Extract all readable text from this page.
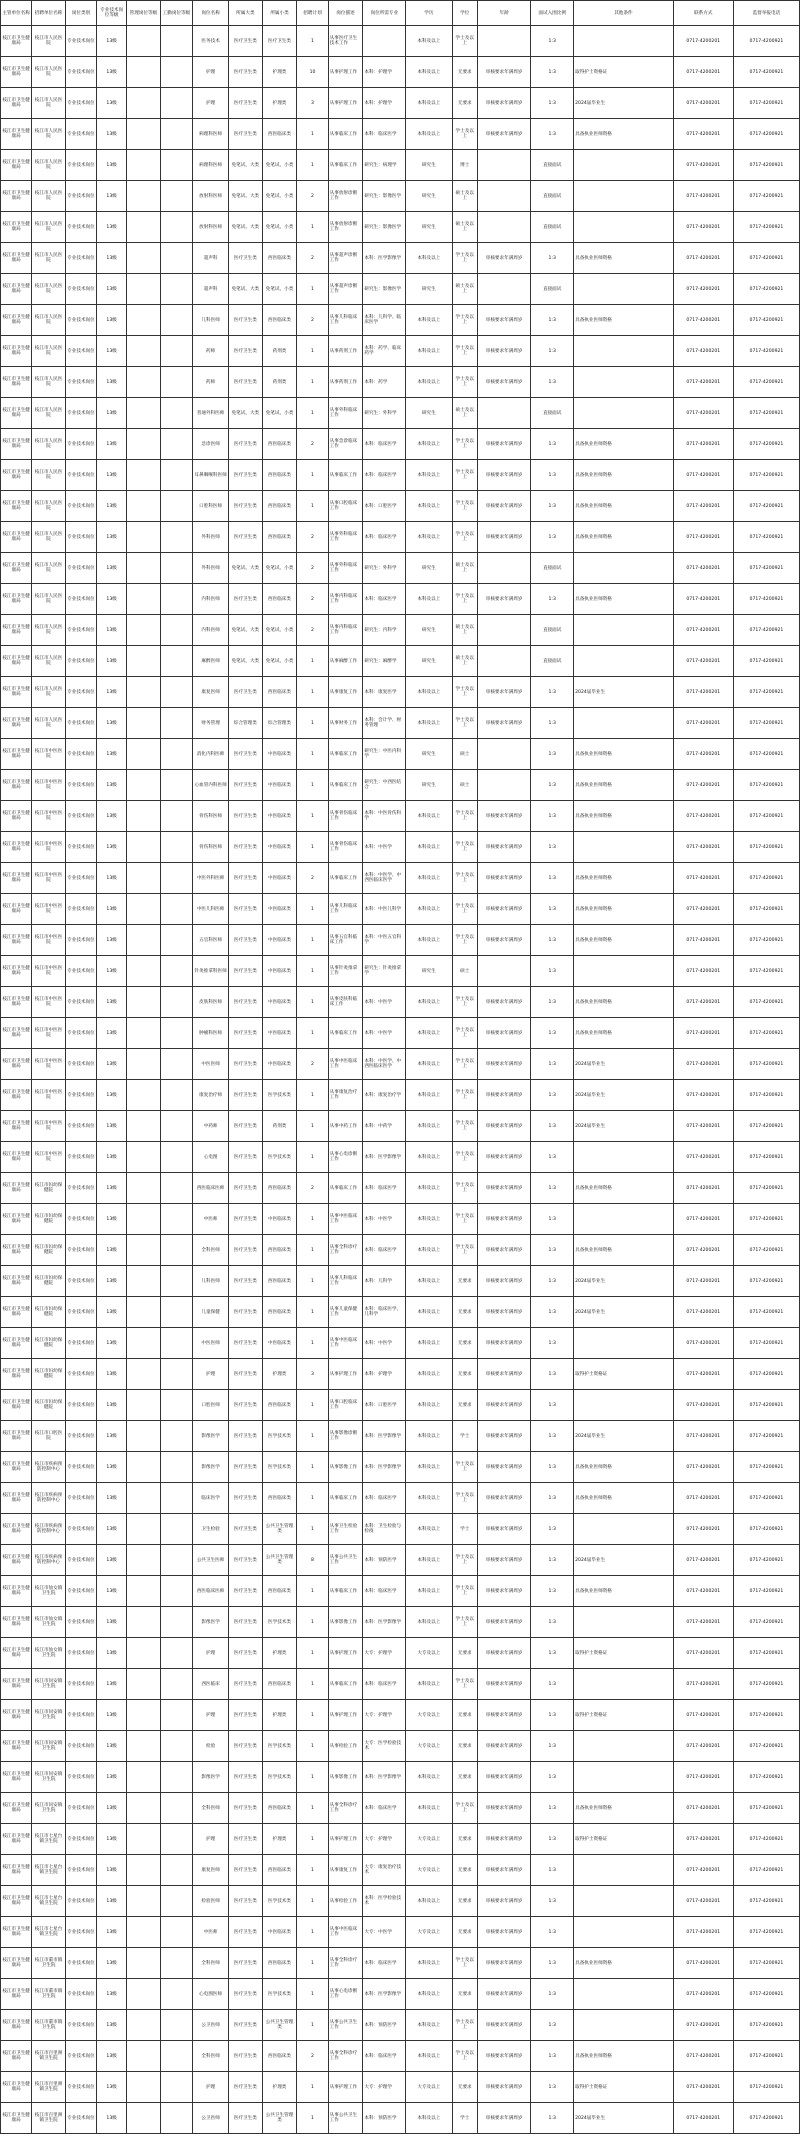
主管单位名称	招聘单位名称	岗位类别	专业技术岗位等级	管理岗位等级	工勤岗位等级	岗位名称	所属大类	所属小类	招聘计划	岗位描述	岗位所需专业	学历	学位	年龄	面试入围比例	其他条件	联系方式	监督举报电话
枝江市卫生健康局	枝江市人民医院	专业技术岗位	13级			医务技术	医疗卫生类	医疗卫生类	1	从事医疗卫生技术工作		本科及以上	学士及以上		1:3		0717-4200201	0717-4200921
枝江市卫生健康局	枝江市人民医院	专业技术岗位	13级			护理	医疗卫生类	护理类	10	从事护理工作	本科：护理学	本科及以上	无要求	审核要求年满周岁	1:3	取得护士资格证	0717-4200201	0717-4200921
枝江市卫生健康局	枝江市人民医院	专业技术岗位	13级			护理	医疗卫生类	护理类	3	从事护理工作	本科：护理学	本科及以上	无要求	审核要求年满周岁	1:3	2024届毕业生	0717-4200201	0717-4200921
枝江市卫生健康局	枝江市人民医院	专业技术岗位	13级			病理科医师	医疗卫生类	西医临床类	1	从事临床工作	本科：临床医学	本科及以上	学士及以上	审核要求年满周岁	1:3	具备执业医师资格	0717-4200201	0717-4200921
枝江市卫生健康局	枝江市人民医院	专业技术岗位	13级			病理科医师	免笔试、大类	免笔试、小类	1	从事临床工作	研究生：病理学	研究生	博士		直接面试		0717-4200201	0717-4200921
枝江市卫生健康局	枝江市人民医院	专业技术岗位	13级			放射科医师	免笔试、大类	免笔试、小类	2	从事放射诊断工作	研究生：影像医学	研究生	硕士及以上		直接面试		0717-4200201	0717-4200921
枝江市卫生健康局	枝江市人民医院	专业技术岗位	13级			放射科医师	免笔试、大类	免笔试、小类	1	从事放射诊断工作	研究生：影像医学	研究生	硕士及以上		直接面试		0717-4200201	0717-4200921
枝江市卫生健康局	枝江市人民医院	专业技术岗位	13级			超声科	医疗卫生类	西医临床类	2	从事超声诊断工作	本科：医学影像学	本科及以上	学士及以上	审核要求年满周岁	1:3	具备执业医师资格	0717-4200201	0717-4200921
枝江市卫生健康局	枝江市人民医院	专业技术岗位	13级			超声科	免笔试、大类	免笔试、小类	1	从事超声诊断工作	研究生：影像医学	研究生	硕士及以上		直接面试		0717-4200201	0717-4200921
枝江市卫生健康局	枝江市人民医院	专业技术岗位	13级			儿科医师	医疗卫生类	西医临床类	2	从事儿科临床工作	本科：儿科学、临床医学	本科及以上	学士及以上	审核要求年满周岁	1:3	具备执业医师资格	0717-4200201	0717-4200921
枝江市卫生健康局	枝江市人民医院	专业技术岗位	13级			药师	医疗卫生类	药剂类	1	从事药剂工作	本科：药学、临床药学	本科及以上	学士及以上	审核要求年满周岁	1:3		0717-4200201	0717-4200921
枝江市卫生健康局	枝江市人民医院	专业技术岗位	13级			药师	医疗卫生类	药剂类	1	从事药剂工作	本科：药学	本科及以上	学士及以上	审核要求年满周岁	1:3		0717-4200201	0717-4200921
枝江市卫生健康局	枝江市人民医院	专业技术岗位	13级			普通外科医师	免笔试、大类	免笔试、小类	1	从事外科临床工作	研究生：外科学	研究生	硕士及以上		直接面试		0717-4200201	0717-4200921
枝江市卫生健康局	枝江市人民医院	专业技术岗位	13级			急诊医师	医疗卫生类	西医临床类	2	从事急诊临床工作	本科：临床医学	本科及以上	学士及以上	审核要求年满周岁	1:3	具备执业医师资格	0717-4200201	0717-4200921
枝江市卫生健康局	枝江市人民医院	专业技术岗位	13级			耳鼻咽喉科医师	医疗卫生类	西医临床类	1	从事临床工作	本科：临床医学	本科及以上	学士及以上	审核要求年满周岁	1:3	具备执业医师资格	0717-4200201	0717-4200921
枝江市卫生健康局	枝江市人民医院	专业技术岗位	13级			口腔科医师	医疗卫生类	西医临床类	1	从事口腔临床工作	本科：口腔医学	本科及以上	学士及以上	审核要求年满周岁	1:3	具备执业医师资格	0717-4200201	0717-4200921
枝江市卫生健康局	枝江市人民医院	专业技术岗位	13级			外科医师	医疗卫生类	西医临床类	2	从事外科临床工作	本科：临床医学	本科及以上	学士及以上	审核要求年满周岁	1:3	具备执业医师资格	0717-4200201	0717-4200921
枝江市卫生健康局	枝江市人民医院	专业技术岗位	13级			外科医师	免笔试、大类	免笔试、小类	2	从事外科临床工作	研究生：外科学	研究生	硕士及以上		直接面试		0717-4200201	0717-4200921
枝江市卫生健康局	枝江市人民医院	专业技术岗位	13级			内科医师	医疗卫生类	西医临床类	2	从事内科临床工作	本科：临床医学	本科及以上	学士及以上	审核要求年满周岁	1:3	具备执业医师资格	0717-4200201	0717-4200921
枝江市卫生健康局	枝江市人民医院	专业技术岗位	13级			内科医师	免笔试、大类	免笔试、小类	2	从事内科临床工作	研究生：内科学	研究生	硕士及以上		直接面试		0717-4200201	0717-4200921
枝江市卫生健康局	枝江市人民医院	专业技术岗位	13级			麻醉医师	免笔试、大类	免笔试、小类	1	从事麻醉工作	研究生：麻醉学	研究生	硕士及以上		直接面试		0717-4200201	0717-4200921
枝江市卫生健康局	枝江市人民医院	专业技术岗位	13级			康复医师	医疗卫生类	西医临床类	1	从事康复工作	本科：康复医学	本科及以上	学士及以上	审核要求年满周岁	1:3	2024届毕业生	0717-4200201	0717-4200921
枝江市卫生健康局	枝江市人民医院	专业技术岗位	13级			财务管理	综合管理类	综合管理类	1	从事财务工作	本科：会计学、财务管理	本科及以上	学士及以上	审核要求年满周岁	1:3		0717-4200201	0717-4200921
枝江市卫生健康局	枝江市中医医院	专业技术岗位	13级			消化内科医师	医疗卫生类	中医临床类	1	从事临床工作	研究生：中医内科学	研究生	硕士		1:3	具备执业医师资格	0717-4200201	0717-4200921
枝江市卫生健康局	枝江市中医医院	专业技术岗位	13级			心血管内科医师	医疗卫生类	中医临床类	1	从事临床工作	研究生：中西医结合	研究生	硕士		1:3	具备执业医师资格	0717-4200201	0717-4200921
枝江市卫生健康局	枝江市中医医院	专业技术岗位	13级			骨伤科医师	医疗卫生类	中医临床类	1	从事骨伤临床工作	本科：中医骨伤科学	本科及以上	学士及以上	审核要求年满周岁	1:3	具备执业医师资格	0717-4200201	0717-4200921
枝江市卫生健康局	枝江市中医医院	专业技术岗位	13级			骨伤科医师	医疗卫生类	中医临床类	1	从事骨伤临床工作	本科：中医学	本科及以上	学士及以上	审核要求年满周岁	1:3		0717-4200201	0717-4200921
枝江市卫生健康局	枝江市中医医院	专业技术岗位	13级			中医外科医师	医疗卫生类	中医临床类	2	从事临床工作	本科：中医学、中西医临床医学	本科及以上	学士及以上	审核要求年满周岁	1:3	具备执业医师资格	0717-4200201	0717-4200921
枝江市卫生健康局	枝江市中医医院	专业技术岗位	13级			中医儿科医师	医疗卫生类	中医临床类	1	从事儿科临床工作	本科：中医儿科学	本科及以上	学士及以上	审核要求年满周岁	1:3	具备执业医师资格	0717-4200201	0717-4200921
枝江市卫生健康局	枝江市中医医院	专业技术岗位	13级			五官科医师	医疗卫生类	中医临床类	1	从事五官科临床工作	本科：中医五官科学	本科及以上	学士及以上	审核要求年满周岁	1:3	具备执业医师资格	0717-4200201	0717-4200921
枝江市卫生健康局	枝江市中医医院	专业技术岗位	13级			针灸推拿科医师	医疗卫生类	中医临床类	1	从事针灸推拿工作	研究生：针灸推拿学	研究生	硕士		1:3		0717-4200201	0717-4200921
枝江市卫生健康局	枝江市中医医院	专业技术岗位	13级			皮肤科医师	医疗卫生类	中医临床类	1	从事皮肤科临床工作	本科：中医学	本科及以上	学士及以上	审核要求年满周岁	1:3	具备执业医师资格	0717-4200201	0717-4200921
枝江市卫生健康局	枝江市中医医院	专业技术岗位	13级			肿瘤科医师	医疗卫生类	中医临床类	1	从事临床工作	本科：中医学	本科及以上	学士及以上	审核要求年满周岁	1:3	具备执业医师资格	0717-4200201	0717-4200921
枝江市卫生健康局	枝江市中医医院	专业技术岗位	13级			中医医师	医疗卫生类	中医临床类	2	从事中医临床工作	本科：中医学、中西医临床医学	本科及以上	学士及以上	审核要求年满周岁	1:3	2024届毕业生	0717-4200201	0717-4200921
枝江市卫生健康局	枝江市中医医院	专业技术岗位	13级			康复治疗师	医疗卫生类	医学技术类	1	从事康复治疗工作	本科：康复治疗学	本科及以上	学士及以上	审核要求年满周岁	1:3	2024届毕业生	0717-4200201	0717-4200921
枝江市卫生健康局	枝江市中医医院	专业技术岗位	13级			中药师	医疗卫生类	药剂类	1	从事中药工作	本科：中药学	本科及以上	学士及以上	审核要求年满周岁	1:3	2024届毕业生	0717-4200201	0717-4200921
枝江市卫生健康局	枝江市中医医院	专业技术岗位	13级			心电图	医疗卫生类	医学技术类	1	从事心电诊断工作	本科：医学影像学	本科及以上	学士及以上	审核要求年满周岁	1:3		0717-4200201	0717-4200921
枝江市卫生健康局	枝江市妇幼保健院	专业技术岗位	13级			西医临床医师	医疗卫生类	西医临床类	2	从事临床工作	本科：临床医学	本科及以上	学士及以上	审核要求年满周岁	1:3	具备执业医师资格	0717-4200201	0717-4200921
枝江市卫生健康局	枝江市妇幼保健院	专业技术岗位	13级			中医师	医疗卫生类	中医临床类	1	从事中医临床工作	本科：中医学	本科及以上	学士及以上	审核要求年满周岁	1:3		0717-4200201	0717-4200921
枝江市卫生健康局	枝江市妇幼保健院	专业技术岗位	13级			全科医师	医疗卫生类	西医临床类	1	从事全科诊疗工作	本科：临床医学	本科及以上	学士及以上	审核要求年满周岁	1:3	具备执业医师资格	0717-4200201	0717-4200921
枝江市卫生健康局	枝江市妇幼保健院	专业技术岗位	13级			儿科医师	医疗卫生类	西医临床类	1	从事儿科临床工作	本科：儿科学	本科及以上	无要求	审核要求年满周岁	1:3	2024届毕业生	0717-4200201	0717-4200921
枝江市卫生健康局	枝江市妇幼保健院	专业技术岗位	13级			儿童保健	医疗卫生类	西医临床类	1	从事儿童保健工作	本科：临床医学、儿科学	本科及以上	无要求	审核要求年满周岁	1:3	2024届毕业生	0717-4200201	0717-4200921
枝江市卫生健康局	枝江市妇幼保健院	专业技术岗位	13级			中医医师	医疗卫生类	中医临床类	1	从事中医临床工作	本科：中医学	本科及以上	无要求	审核要求年满周岁	1:3		0717-4200201	0717-4200921
枝江市卫生健康局	枝江市妇幼保健院	专业技术岗位	13级			护理	医疗卫生类	护理类	3	从事护理工作	本科：护理学	本科及以上	无要求	审核要求年满周岁	1:3	取得护士资格证	0717-4200201	0717-4200921
枝江市卫生健康局	枝江市妇幼保健院	专业技术岗位	13级			口腔医师	医疗卫生类	西医临床类	1	从事口腔临床工作	本科：口腔医学	本科及以上	无要求	审核要求年满周岁	1:3		0717-4200201	0717-4200921
枝江市卫生健康局	枝江市口腔医院	专业技术岗位	13级			影像医学	医疗卫生类	医学技术类	1	从事影像诊断工作	本科：医学影像学	本科及以上	学士	审核要求年满周岁	1:3	2024届毕业生	0717-4200201	0717-4200921
枝江市卫生健康局	枝江市疾病预防控制中心	专业技术岗位	13级			影像医学	医疗卫生类	医学技术类	1	从事影像工作	本科：医学影像学	本科及以上	学士及以上	审核要求年满周岁	1:3	具备执业医师资格	0717-4200201	0717-4200921
枝江市卫生健康局	枝江市疾病预防控制中心	专业技术岗位	13级			临床医学	医疗卫生类	西医临床类	1	从事临床工作	本科：临床医学	本科及以上	学士及以上	审核要求年满周岁	1:3	具备执业医师资格	0717-4200201	0717-4200921
枝江市卫生健康局	枝江市疾病预防控制中心	专业技术岗位	13级			卫生检验	医疗卫生类	公共卫生管理类	1	从事卫生检验工作	本科：卫生检验与检疫	本科及以上	学士	审核要求年满周岁	1:3		0717-4200201	0717-4200921
枝江市卫生健康局	枝江市疾病预防控制中心	专业技术岗位	13级			公共卫生医师	医疗卫生类	公共卫生管理类	8	从事公共卫生工作	本科：预防医学	本科及以上	学士及以上	审核要求年满周岁	1:3	2024届毕业生	0717-4200201	0717-4200921
枝江市卫生健康局	枝江市仙女镇卫生院	专业技术岗位	13级			西医临床医师	医疗卫生类	西医临床类	1	从事临床工作	本科：临床医学	本科及以上	学士及以上	审核要求年满周岁	1:3	具备执业医师资格	0717-4200201	0717-4200921
枝江市卫生健康局	枝江市仙女镇卫生院	专业技术岗位	13级			影像医学	医疗卫生类	医学技术类	1	从事影像工作	本科：医学影像学	本科及以上	学士及以上	审核要求年满周岁	1:3		0717-4200201	0717-4200921
枝江市卫生健康局	枝江市仙女镇卫生院	专业技术岗位	13级			护理	医疗卫生类	护理类	1	从事护理工作	大专：护理学	大专及以上	无要求	审核要求年满周岁	1:3	取得护士资格证	0717-4200201	0717-4200921
枝江市卫生健康局	枝江市问安镇卫生院	专业技术岗位	13级			西医临床	医疗卫生类	西医临床类	1	从事临床工作	本科：临床医学	本科及以上	学士及以上	审核要求年满周岁	1:3		0717-4200201	0717-4200921
枝江市卫生健康局	枝江市问安镇卫生院	专业技术岗位	13级			护理	医疗卫生类	护理类	1	从事护理工作	大专：护理学	大专及以上	无要求	审核要求年满周岁	1:3	取得护士资格证	0717-4200201	0717-4200921
枝江市卫生健康局	枝江市问安镇卫生院	专业技术岗位	13级			检验	医疗卫生类	医学技术类	1	从事检验工作	大专：医学检验技术	大专及以上	无要求	审核要求年满周岁	1:3		0717-4200201	0717-4200921
枝江市卫生健康局	枝江市问安镇卫生院	专业技术岗位	13级			影像医学	医疗卫生类	医学技术类	1	从事影像工作	本科：医学影像学	本科及以上	无要求	审核要求年满周岁	1:3		0717-4200201	0717-4200921
枝江市卫生健康局	枝江市问安镇卫生院	专业技术岗位	13级			全科医师	医疗卫生类	西医临床类	1	从事全科诊疗工作	本科：临床医学	本科及以上	学士及以上	审核要求年满周岁	1:3	具备执业医师资格	0717-4200201	0717-4200921
枝江市卫生健康局	枝江市七星台镇卫生院	专业技术岗位	13级			护理	医疗卫生类	护理类	1	从事护理工作	大专：护理学	大专及以上	无要求	审核要求年满周岁	1:3	取得护士资格证	0717-4200201	0717-4200921
枝江市卫生健康局	枝江市七星台镇卫生院	专业技术岗位	13级			康复医师	医疗卫生类	西医临床类	1	从事康复工作	大专：康复治疗技术	大专及以上	无要求	审核要求年满周岁	1:3		0717-4200201	0717-4200921
枝江市卫生健康局	枝江市七星台镇卫生院	专业技术岗位	13级			检验医师	医疗卫生类	医学技术类	1	从事检验工作	本科：医学检验技术	本科及以上	无要求	审核要求年满周岁	1:3		0717-4200201	0717-4200921
枝江市卫生健康局	枝江市七星台镇卫生院	专业技术岗位	13级			中医师	医疗卫生类	中医临床类	1	从事中医临床工作	大专：中医学	大专及以上	无要求	审核要求年满周岁	1:3		0717-4200201	0717-4200921
枝江市卫生健康局	枝江市董市镇卫生院	专业技术岗位	13级			全科医师	医疗卫生类	西医临床类	1	从事全科诊疗工作	本科：临床医学	本科及以上	学士及以上	审核要求年满周岁	1:3	具备执业医师资格	0717-4200201	0717-4200921
枝江市卫生健康局	枝江市董市镇卫生院	专业技术岗位	13级			心电图医师	医疗卫生类	医学技术类	1	从事心电诊断工作	本科：医学影像学	本科及以上	无要求	审核要求年满周岁	1:3		0717-4200201	0717-4200921
枝江市卫生健康局	枝江市董市镇卫生院	专业技术岗位	13级			公卫医师	医疗卫生类	公共卫生管理类	1	从事公共卫生工作	本科：预防医学	本科及以上	学士及以上	审核要求年满周岁	1:3		0717-4200201	0717-4200921
枝江市卫生健康局	枝江市百里洲镇卫生院	专业技术岗位	13级			全科医师	医疗卫生类	西医临床类	2	从事全科诊疗工作	本科：临床医学	本科及以上	学士及以上	审核要求年满周岁	1:3	具备执业医师资格	0717-4200201	0717-4200921
枝江市卫生健康局	枝江市百里洲镇卫生院	专业技术岗位	13级			护理	医疗卫生类	护理类	1	从事护理工作	大专：护理学	大专及以上	无要求	审核要求年满周岁	1:3	取得护士资格证	0717-4200201	0717-4200921
枝江市卫生健康局	枝江市百里洲镇卫生院	专业技术岗位	13级			公卫医师	医疗卫生类	公共卫生管理类	1	从事公共卫生工作	本科：预防医学	本科及以上	学士	审核要求年满周岁	1:3	2024届毕业生	0717-4200201	0717-4200921
